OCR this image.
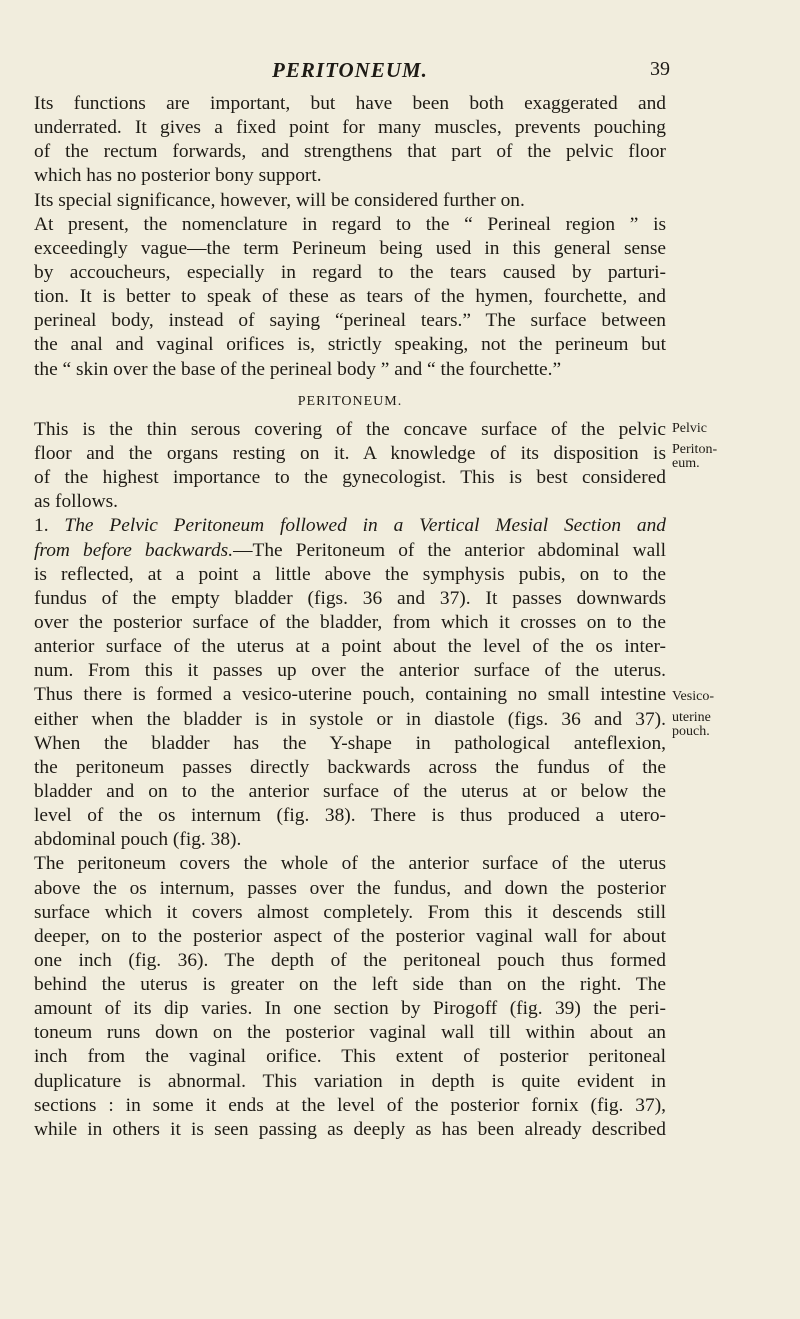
PERITONEUM.	39
Its functions are important, but have been both exaggerated and
underrated. It gives a fixed point for many muscles, prevents pouching
of the rectum forwards, and strengthens that part of the pelvic floor
which has no posterior bony support.
Its special significance, however, will be considered further on.
At present, the nomenclature in regard to the “ Perineal region ” is
exceedingly vague—the term Perineum being used in this general sense
by accoucheurs, especially in regard to the tears caused by parturi-
tion. It is better to speak of these as tears of the hymen, fourchette, and
perineal body, instead of saying “perineal tears.” The surface between
the anal and vaginal orifices is, strictly speaking, not the perineum but
the “ skin over the base of the perineal body ” and “ the fourchette.”
PERITONEUM.
This is the thin serous covering of the concave surface of the pelvic
floor and the organs resting on it. A knowledge of its disposition is
of the highest importance to the gynecologist. This is best considered
as follows.
Pelvic
Periton-
eum.
1. The Pelvic Peritoneum followed in a Vertical Mesial Section and
from before backwards.—The Peritoneum of the anterior abdominal wall
is reflected, at a point a little above the symphysis pubis, on to the
fundus of the empty bladder (figs. 36 and 37). It passes downwards
over the posterior surface of the bladder, from which it crosses on to the
anterior surface of the uterus at a point about the level of the os inter-
num. From this it passes up over the anterior surface of the uterus.
Thus there is formed a vesico-uterine pouch, containing no small intestine
either when the bladder is in systole or in diastole (figs. 36 and 37).
When the bladder has the Y-shape in pathological anteflexion,
the peritoneum passes directly backwards across the fundus of the
bladder and on to the anterior surface of the uterus at or below the
level of the os internum (fig. 38). There is thus produced a utero-
abdominal pouch (fig. 38).
Vesico-
uterine
pouch.
The peritoneum covers the whole of the anterior surface of the uterus
above the os internum, passes over the fundus, and down the posterior
surface which it covers almost completely. From this it descends still
deeper, on to the posterior aspect of the posterior vaginal wall for about
one inch (fig. 36). The depth of the peritoneal pouch thus formed
behind the uterus is greater on the left side than on the right. The
amount of its dip varies. In one section by Pirogoff (fig. 39) the peri-
toneum runs down on the posterior vaginal wall till within about an
inch from the vaginal orifice. This extent of posterior peritoneal
duplicature is abnormal. This variation in depth is quite evident in
sections : in some it ends at the level of the posterior fornix (fig. 37),
while in others it is seen passing as deeply as has been already described
